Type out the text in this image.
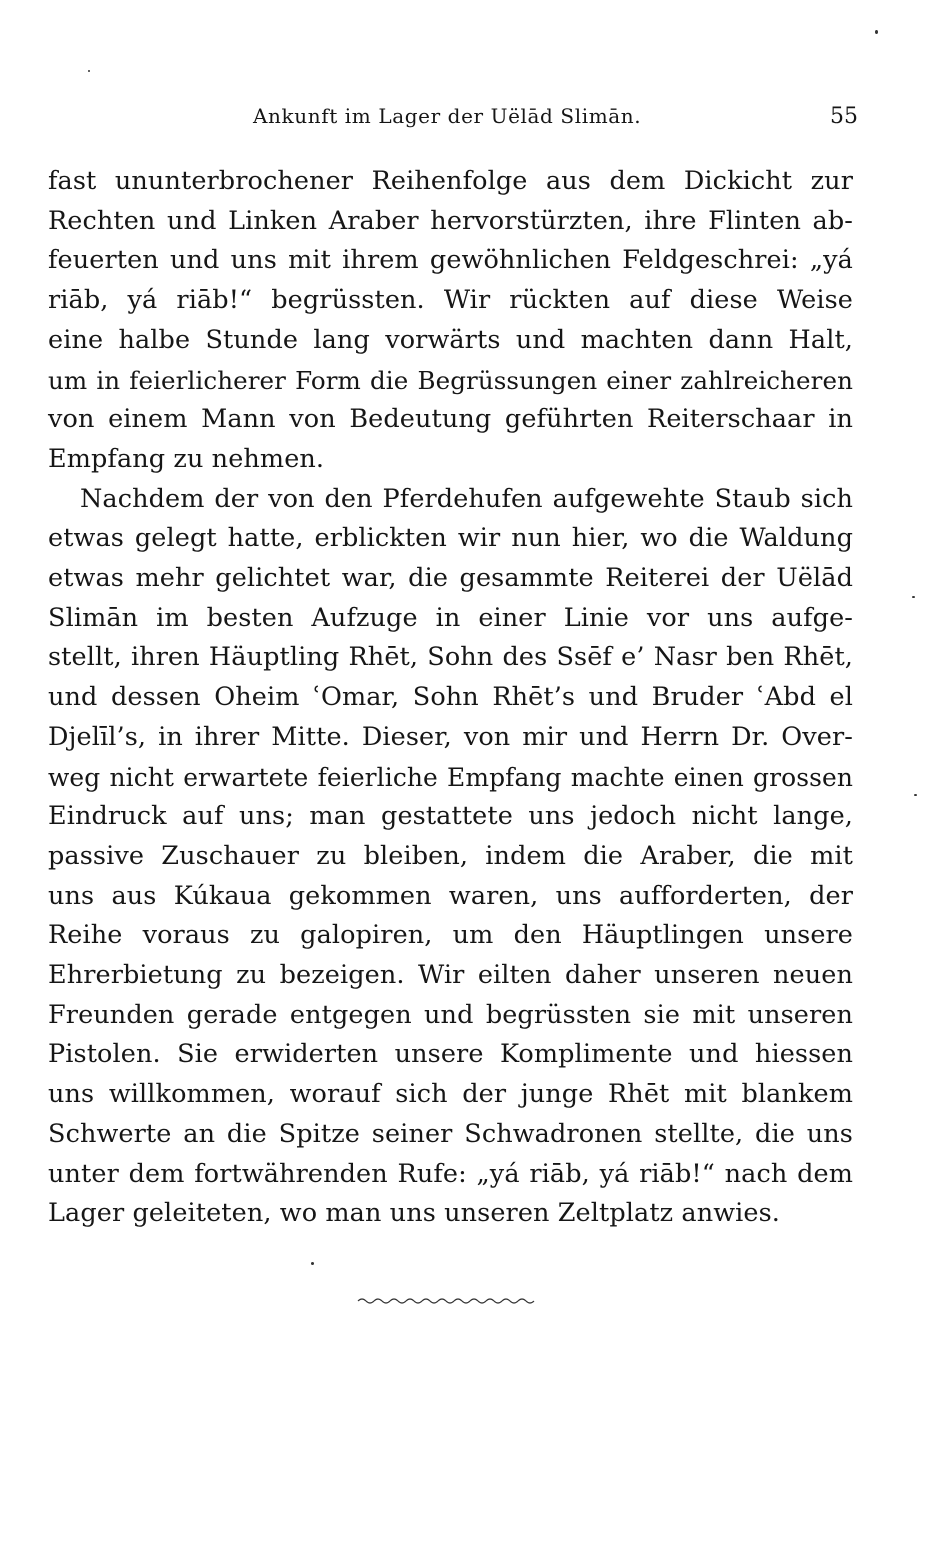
Ankunft im Lager der Uëlād Slimān.	55
fast ununterbrochener Reihenfolge aus dem Dickicht zur
Rechten und Linken Araber hervorstürzten, ihre Flinten ab-
feuerten und uns mit ihrem gewöhnlichen Feldgeschrei: „yá
riāb, yá riāb!“ begrüssten. Wir rückten auf diese Weise
eine halbe Stunde lang vorwärts und machten dann Halt,
um in feierlicherer Form die Begrüssungen einer zahlreicheren
von einem Mann von Bedeutung geführten Reiterschaar in
Empfang zu nehmen.
Nachdem der von den Pferdehufen aufgewehte Staub sich
etwas gelegt hatte, erblickten wir nun hier, wo die Waldung
etwas mehr gelichtet war, die gesammte Reiterei der Uëlād
Slimān im besten Aufzuge in einer Linie vor uns aufge-
stellt, ihren Häuptling Rhēt, Sohn des Ssēf e’ Nasr ben Rhēt,
und dessen Oheim ʿOmar, Sohn Rhēt’s und Bruder ʿAbd el
Djelīl’s, in ihrer Mitte. Dieser, von mir und Herrn Dr. Over-
weg nicht erwartete feierliche Empfang machte einen grossen
Eindruck auf uns; man gestattete uns jedoch nicht lange,
passive Zuschauer zu bleiben, indem die Araber, die mit
uns aus Kúkaua gekommen waren, uns aufforderten, der
Reihe voraus zu galopiren, um den Häuptlingen unsere
Ehrerbietung zu bezeigen. Wir eilten daher unseren neuen
Freunden gerade entgegen und begrüssten sie mit unseren
Pistolen. Sie erwiderten unsere Komplimente und hiessen
uns willkommen, worauf sich der junge Rhēt mit blankem
Schwerte an die Spitze seiner Schwadronen stellte, die uns
unter dem fortwährenden Rufe: „yá riāb, yá riāb!“ nach dem
Lager geleiteten, wo man uns unseren Zeltplatz anwies.
